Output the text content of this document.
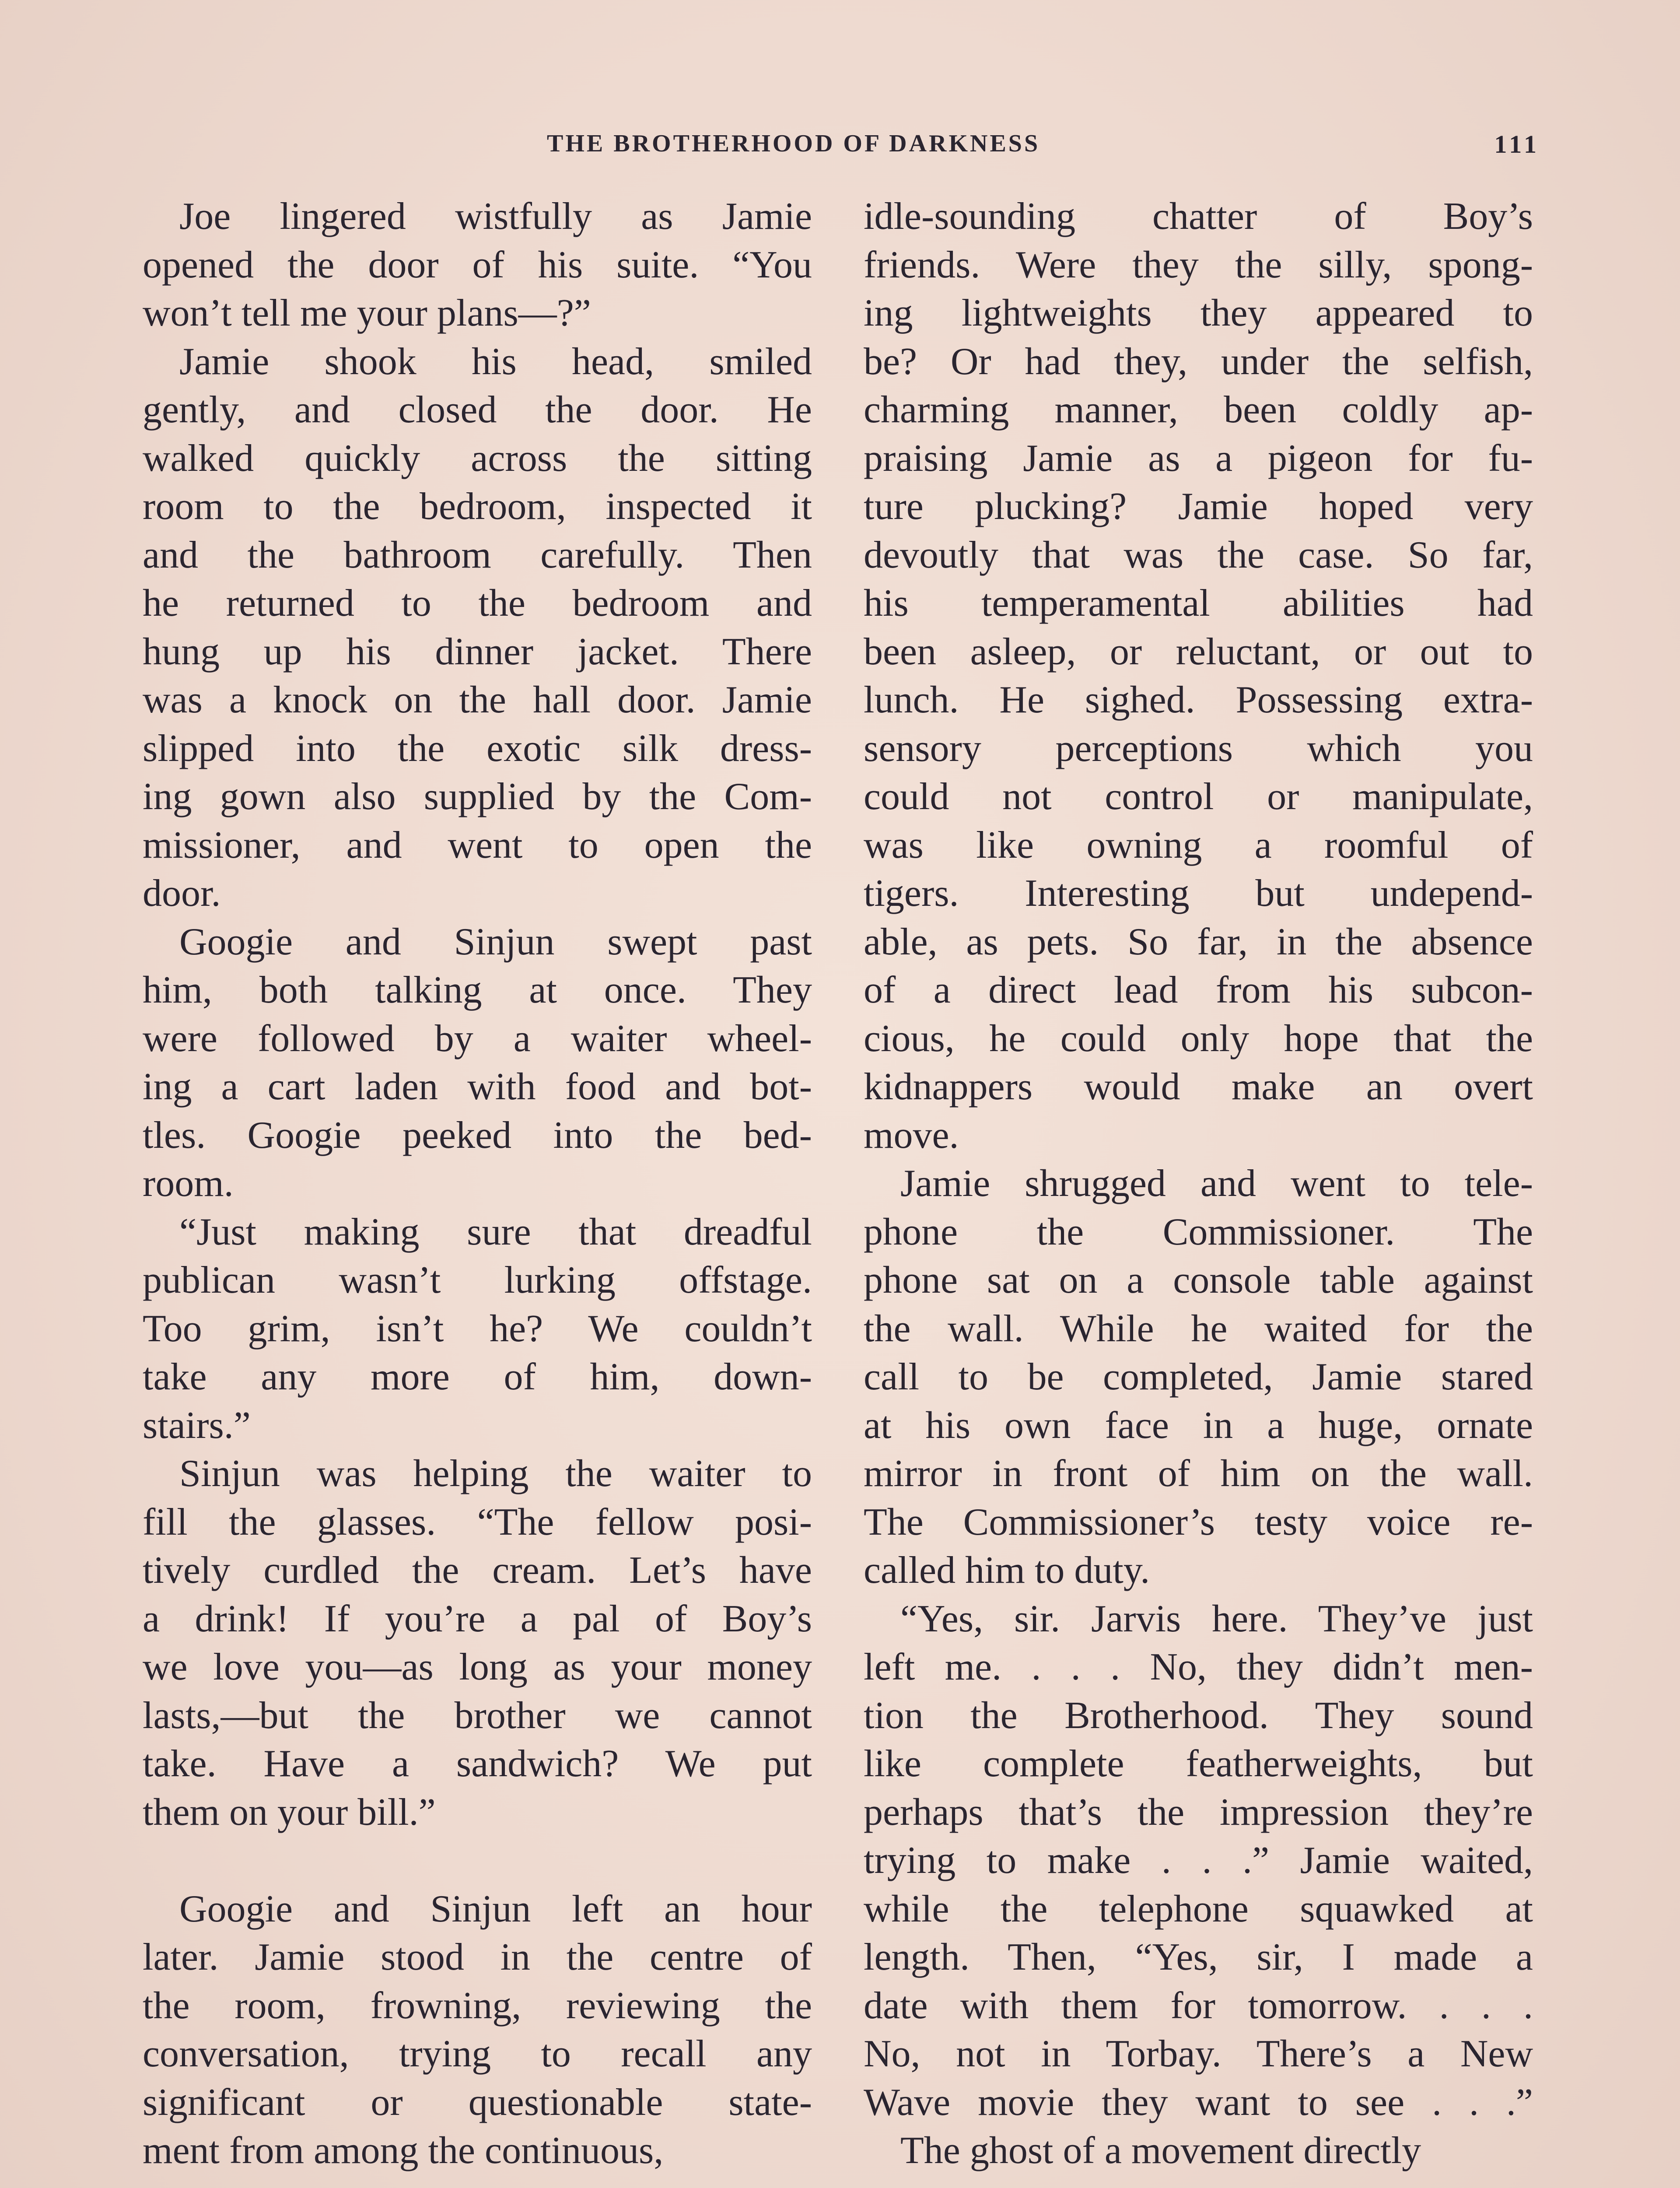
THE BROTHERHOOD OF DARKNESS	111
Joe lingered wistfully as Jamie
opened the door of his suite. “You
won’t tell me your plans—?”
Jamie shook his head, smiled
gently, and closed the door. He
walked quickly across the sitting
room to the bedroom, inspected it
and the bathroom carefully. Then
he returned to the bedroom and
hung up his dinner jacket. There
was a knock on the hall door. Jamie
slipped into the exotic silk dress-
ing gown also supplied by the Com-
missioner, and went to open the
door.
Googie and Sinjun swept past
him, both talking at once. They
were followed by a waiter wheel-
ing a cart laden with food and bot-
tles. Googie peeked into the bed-
room.
“Just making sure that dreadful
publican wasn’t lurking offstage.
Too grim, isn’t he? We couldn’t
take any more of him, down-
stairs.”
Sinjun was helping the waiter to
fill the glasses. “The fellow posi-
tively curdled the cream. Let’s have
a drink! If you’re a pal of Boy’s
we love you—as long as your money
lasts,—but the brother we cannot
take. Have a sandwich? We put
them on your bill.”
Googie and Sinjun left an hour
later. Jamie stood in the centre of
the room, frowning, reviewing the
conversation, trying to recall any
significant or questionable state-
ment from among the continuous,
idle-sounding chatter of Boy’s
friends. Were they the silly, spong-
ing lightweights they appeared to
be? Or had they, under the selfish,
charming manner, been coldly ap-
praising Jamie as a pigeon for fu-
ture plucking? Jamie hoped very
devoutly that was the case. So far,
his temperamental abilities had
been asleep, or reluctant, or out to
lunch. He sighed. Possessing extra-
sensory perceptions which you
could not control or manipulate,
was like owning a roomful of
tigers. Interesting but undepend-
able, as pets. So far, in the absence
of a direct lead from his subcon-
cious, he could only hope that the
kidnappers would make an overt
move.
Jamie shrugged and went to tele-
phone the Commissioner. The
phone sat on a console table against
the wall. While he waited for the
call to be completed, Jamie stared
at his own face in a huge, ornate
mirror in front of him on the wall.
The Commissioner’s testy voice re-
called him to duty.
“Yes, sir. Jarvis here. They’ve just
left me. . . . No, they didn’t men-
tion the Brotherhood. They sound
like complete featherweights, but
perhaps that’s the impression they’re
trying to make . . .” Jamie waited,
while the telephone squawked at
length. Then, “Yes, sir, I made a
date with them for tomorrow. . . .
No, not in Torbay. There’s a New
Wave movie they want to see . . .”
The ghost of a movement directly
